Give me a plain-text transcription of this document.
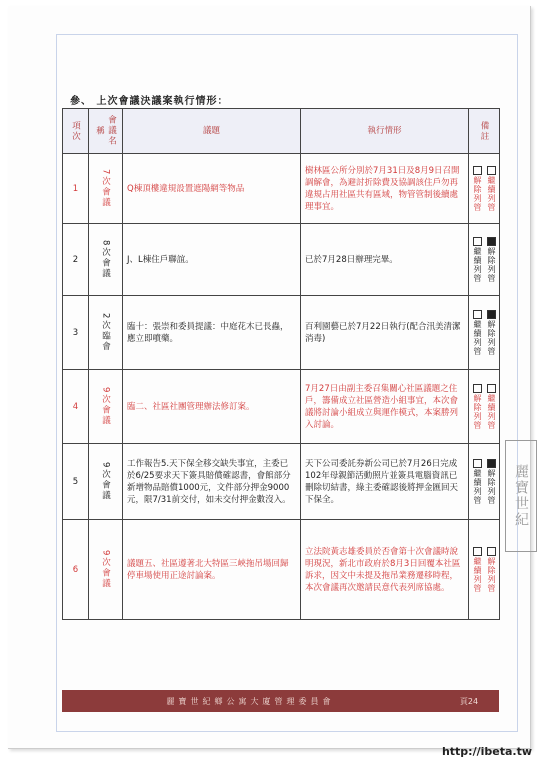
參、 上次會議決議案執行情形：
項次	會議名稱	議題	執行情形	備註

1	7次會議	Q棟頂樓違規設置遮陽網等物品	樹林區公所分別於7月31日及8月9日召開調解會，為避討折除費及協調該住戶勿再違規占用社區共有區域，物管管制後續處理事宜。	解除列管 繼續列管

2	8次會議	J、L棟住戶聯誼。	已於7月28日辦理完畢。	繼續列管 解除列管

3	2次臨會	臨十：張崇和委員提議：中庭花木已長蟲，應立即噴藥。	百利園藝已於7月22日執行(配合汛美清潔消毒)	繼續列管 解除列管

4	9次會議	臨二、社區社團管理辦法修訂案。	7月27日由副主委召集關心社區議題之住戶，籌備成立社區營造小組事宜，本次會議將討論小組成立與運作模式，本案勝列入討論。	解除列管 繼續列管

5	9次會議	工作報告5.天下保全移交缺失事宜，主委已於6/25要求天下簽具賠償確認書，會館部分新增物品賠償1000元，文件部分押金9000元，限7/31前交付，如未交付押金數沒入。	天下公司委託券新公司已於7月26日完成102年母親節活動照片並簽具電腦資訊已刪除切結書，綠主委確認後將押金匯回天下保全。	繼續列管 解除列管

6	9次會議	議題五、社區遵著北大特區三峽拖吊場回歸停車場使用正途討論案。	立法院黃志雄委員於否會第十次會議時說明現況，新北市政府於8月3日回覆本社區訴求，因文中未提及拖吊業務遷移時程，本次會議再次邀請民意代表列席協處。	繼續列管 解除列管
麗寶世紀
麗寶世紀鄉公寓大廈管理委員會	頁24
http://ibeta.tw
